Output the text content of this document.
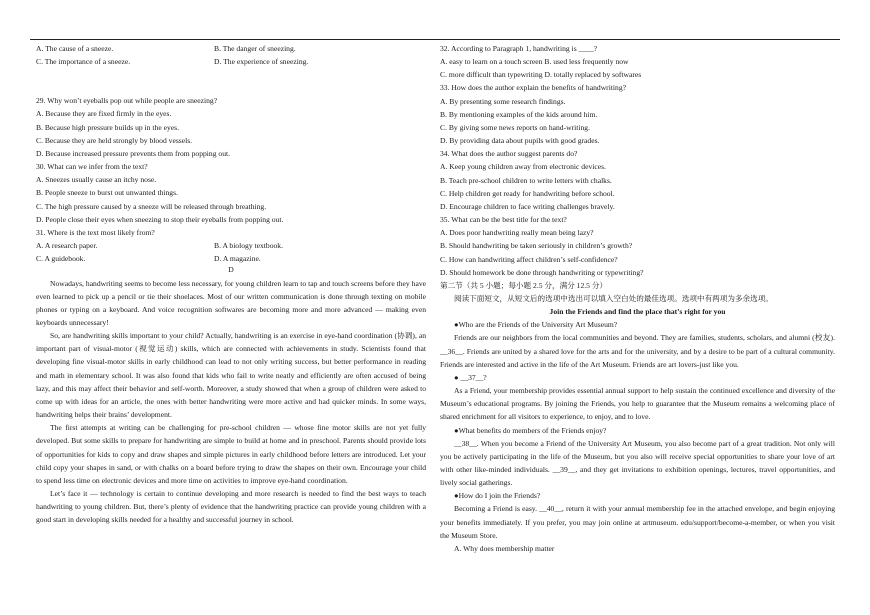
A. The cause of a sneeze.	B. The danger of sneezing.
C. The importance of a sneeze.	D. The experience of sneezing.
29. Why won’t eyeballs pop out while people are sneezing?
A. Because they are fixed firmly in the eyes.
B. Because high pressure builds up in the eyes.
C. Because they are held strongly by blood vessels.
D. Because increased pressure prevents them from popping out.
30. What can we infer from the text?
A. Sneezes usually cause an itchy nose.
B. People sneeze to burst out unwanted things.
C. The high pressure caused by a sneeze will be released through breathing.
D. People close their eyes when sneezing to stop their eyeballs from popping out.
31. Where is the text most likely from?
A. A research paper.	B. A biology textbook.
C. A guidebook.	D. A magazine.
D
Nowadays, handwriting seems to become less necessary, for young children learn to tap and touch screens before they have even learned to pick up a pencil or tie their shoelaces. Most of our written communication is done through texting on mobile phones or typing on a keyboard. And voice recognition softwares are becoming more and more advanced — making even keyboards unnecessary!
So, are handwriting skills important to your child? Actually, handwriting is an exercise in eye-hand coordination (协调), an important part of visual-motor (视觉运动) skills, which are connected with achievements in study. Scientists found that developing fine visual-motor skills in early childhood can lead to not only writing success, but better performance in reading and math in elementary school. It was also found that kids who fail to write neatly and efficiently are often accused of being lazy, and this may affect their behavior and self-worth. Moreover, a study showed that when a group of children were asked to come up with ideas for an article, the ones with better handwriting were more active and had quicker minds. In some ways, handwriting helps their brains’ development.
The first attempts at writing can be challenging for pre-school children — whose fine motor skills are not yet fully developed. But some skills to prepare for handwriting are simple to build at home and in preschool. Parents should provide lots of opportunities for kids to copy and draw shapes and simple pictures in early childhood before letters are introduced. Let your child copy your shapes in sand, or with chalks on a board before trying to draw the shapes on their own. Encourage your child to spend less time on electronic devices and more time on activities to improve eye-hand coordination.
Let’s face it — technology is certain to continue developing and more research is needed to find the best ways to teach handwriting to young children. But, there’s plenty of evidence that the handwriting practice can provide young children with a good start in developing skills needed for a healthy and successful journey in school.
32. According to Paragraph 1, handwriting is ____?
A. easy to learn on a touch screen B. used less frequently now
C. more difficult than typewriting D. totally replaced by softwares
33. How does the author explain the benefits of handwriting?
A. By presenting some research findings.
B. By mentioning examples of the kids around him.
C. By giving some news reports on hand-writing.
D. By providing data about pupils with good grades.
34. What does the author suggest parents do?
A. Keep young children away from electronic devices.
B. Teach pre-school children to write letters with chalks.
C. Help children get ready for handwriting before school.
D. Encourage children to face writing challenges bravely.
35. What can be the best title for the text?
A. Does poor handwriting really mean being lazy?
B. Should handwriting be taken seriously in children’s growth?
C. How can handwriting affect children’s self-confidence?
D. Should homework be done through handwriting or typewriting?
第二节（共 5 小题；每小题 2.5 分，满分 12.5 分）
阅读下面短文，从短文后的选项中选出可以填入空白处的最佳选项。选项中有两项为多余选项。
Join the Friends and find the place that’s right for you
●Who are the Friends of the University Art Museum?
Friends are our neighbors from the local communities and beyond. They are families, students, scholars, and alumni (校友). __36__. Friends are united by a shared love for the arts and for the university, and by a desire to be part of a cultural community. Friends are interested and active in the life of the Art Museum. Friends are art lovers-just like you.
● __37__?
As a Friend, your membership provides essential annual support to help sustain the continued excellence and diversity of the Museum’s educational programs. By joining the Friends, you help to guarantee that the Museum remains a welcoming place of shared enrichment for all visitors to experience, to enjoy, and to love.
●What benefits do members of the Friends enjoy?
__38__. When you become a Friend of the University Art Museum, you also become part of a great tradition. Not only will you be actively participating in the life of the Museum, but you also will receive special opportunities to share your love of art with other like-minded individuals. __39__, and they get invitations to exhibition openings, lectures, travel opportunities, and lively social gatherings.
●How do I join the Friends?
Becoming a Friend is easy. __40__, return it with your annual membership fee in the attached envelope, and begin enjoying your benefits immediately. If you prefer, you may join online at artmuseum. edu/support/become-a-member, or when you visit the Museum Store.
A. Why does membership matter
